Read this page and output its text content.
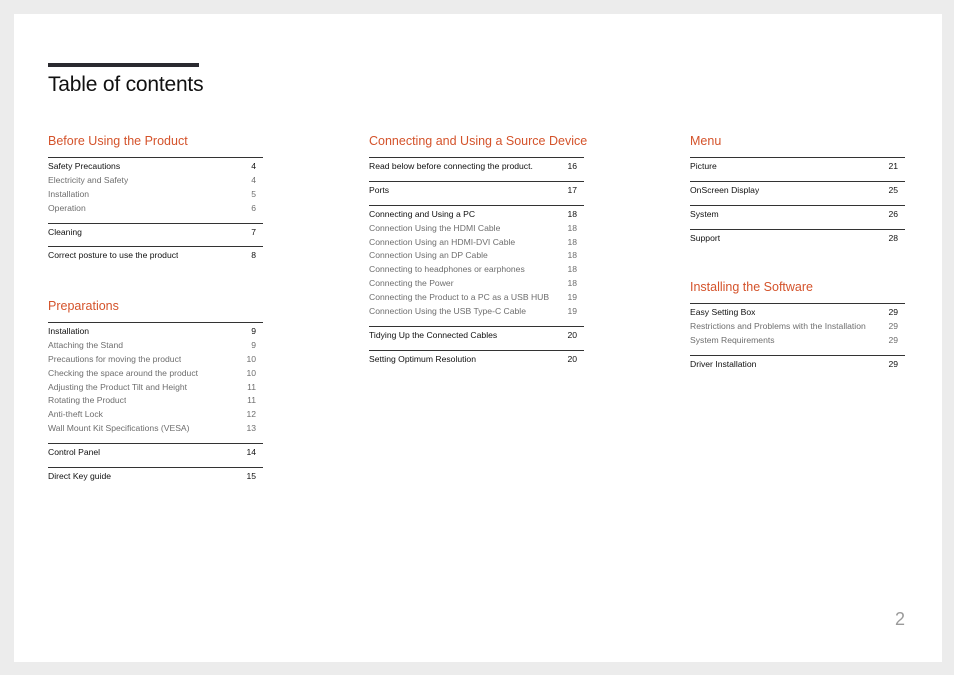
Table of contents
Before Using the Product
Safety Precautions	4
Electricity and Safety	4
Installation	5
Operation	6
Cleaning	7
Correct posture to use the product	8
Preparations
Installation	9
Attaching the Stand	9
Precautions for moving the product	10
Checking the space around the product	10
Adjusting the Product Tilt and Height	11
Rotating the Product	11
Anti-theft Lock	12
Wall Mount Kit Specifications (VESA)	13
Control Panel	14
Direct Key guide	15
Connecting and Using a Source Device
Read below before connecting the product.	16
Ports	17
Connecting and Using a PC	18
Connection Using the HDMI Cable	18
Connection Using an HDMI-DVI Cable	18
Connection Using an DP Cable	18
Connecting to headphones or earphones	18
Connecting the Power	18
Connecting the Product to a PC as a USB HUB	19
Connection Using the USB Type-C Cable	19
Tidying Up the Connected Cables	20
Setting Optimum Resolution	20
Menu
Picture	21
OnScreen Display	25
System	26
Support	28
Installing the Software
Easy Setting Box	29
Restrictions and Problems with the Installation	29
System Requirements	29
Driver Installation	29
2
